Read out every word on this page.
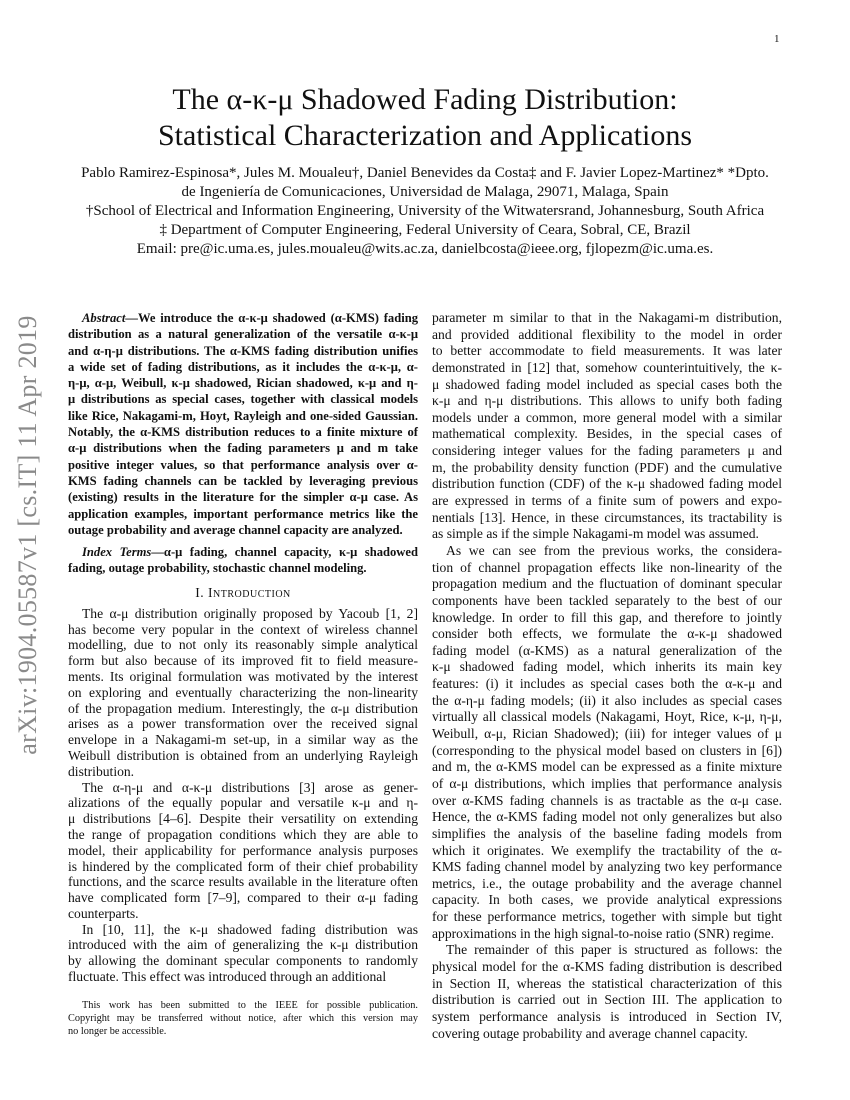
1
arXiv:1904.05587v1 [cs.IT] 11 Apr 2019
The α-κ-μ Shadowed Fading Distribution:
Statistical Characterization and Applications
Pablo Ramirez-Espinosa*, Jules M. Moualeu†, Daniel Benevides da Costa‡ and F. Javier Lopez-Martinez* *Dpto.
de Ingeniería de Comunicaciones, Universidad de Malaga, 29071, Malaga, Spain
†School of Electrical and Information Engineering, University of the Witwatersrand, Johannesburg, South Africa
‡ Department of Computer Engineering, Federal University of Ceara, Sobral, CE, Brazil
Email: pre@ic.uma.es, jules.moualeu@wits.ac.za, danielbcosta@ieee.org, fjlopezm@ic.uma.es.
Abstract—We introduce the α-κ-μ shadowed (α-KMS) fading
distribution as a natural generalization of the versatile α-κ-μ
and α-η-μ distributions. The α-KMS fading distribution unifies
a wide set of fading distributions, as it includes the α-κ-μ, α-
η-μ, α-μ, Weibull, κ-μ shadowed, Rician shadowed, κ-μ and η-
μ distributions as special cases, together with classical models
like Rice, Nakagami-m, Hoyt, Rayleigh and one-sided Gaussian.
Notably, the α-KMS distribution reduces to a finite mixture of
α-μ distributions when the fading parameters μ and m take
positive integer values, so that performance analysis over α-
KMS fading channels can be tackled by leveraging previous
(existing) results in the literature for the simpler α-μ case. As
application examples, important performance metrics like the
outage probability and average channel capacity are analyzed.
Index Terms—α-μ fading, channel capacity, κ-μ shadowed
fading, outage probability, stochastic channel modeling.
I. Introduction
The α-μ distribution originally proposed by Yacoub [1, 2]
has become very popular in the context of wireless channel
modelling, due to not only its reasonably simple analytical
form but also because of its improved fit to field measure-
ments. Its original formulation was motivated by the interest
on exploring and eventually characterizing the non-linearity
of the propagation medium. Interestingly, the α-μ distribution
arises as a power transformation over the received signal
envelope in a Nakagami-m set-up, in a similar way as the
Weibull distribution is obtained from an underlying Rayleigh
distribution.
The α-η-μ and α-κ-μ distributions [3] arose as gener-
alizations of the equally popular and versatile κ-μ and η-
μ distributions [4–6]. Despite their versatility on extending
the range of propagation conditions which they are able to
model, their applicability for performance analysis purposes
is hindered by the complicated form of their chief probability
functions, and the scarce results available in the literature often
have complicated form [7–9], compared to their α-μ fading
counterparts.
In [10, 11], the κ-μ shadowed fading distribution was
introduced with the aim of generalizing the κ-μ distribution
by allowing the dominant specular components to randomly
fluctuate. This effect was introduced through an additional
This work has been submitted to the IEEE for possible publication.
Copyright may be transferred without notice, after which this version may
no longer be accessible.
parameter m similar to that in the Nakagami-m distribution,
and provided additional flexibility to the model in order
to better accommodate to field measurements. It was later
demonstrated in [12] that, somehow counterintuitively, the κ-
μ shadowed fading model included as special cases both the
κ-μ and η-μ distributions. This allows to unify both fading
models under a common, more general model with a similar
mathematical complexity. Besides, in the special cases of
considering integer values for the fading parameters μ and
m, the probability density function (PDF) and the cumulative
distribution function (CDF) of the κ-μ shadowed fading model
are expressed in terms of a finite sum of powers and expo-
nentials [13]. Hence, in these circumstances, its tractability is
as simple as if the simple Nakagami-m model was assumed.
As we can see from the previous works, the considera-
tion of channel propagation effects like non-linearity of the
propagation medium and the fluctuation of dominant specular
components have been tackled separately to the best of our
knowledge. In order to fill this gap, and therefore to jointly
consider both effects, we formulate the α-κ-μ shadowed
fading model (α-KMS) as a natural generalization of the
κ-μ shadowed fading model, which inherits its main key
features: (i) it includes as special cases both the α-κ-μ and
the α-η-μ fading models; (ii) it also includes as special cases
virtually all classical models (Nakagami, Hoyt, Rice, κ-μ, η-μ,
Weibull, α-μ, Rician Shadowed); (iii) for integer values of μ
(corresponding to the physical model based on clusters in [6])
and m, the α-KMS model can be expressed as a finite mixture
of α-μ distributions, which implies that performance analysis
over α-KMS fading channels is as tractable as the α-μ case.
Hence, the α-KMS fading model not only generalizes but also
simplifies the analysis of the baseline fading models from
which it originates. We exemplify the tractability of the α-
KMS fading channel model by analyzing two key performance
metrics, i.e., the outage probability and the average channel
capacity. In both cases, we provide analytical expressions
for these performance metrics, together with simple but tight
approximations in the high signal-to-noise ratio (SNR) regime.
The remainder of this paper is structured as follows: the
physical model for the α-KMS fading distribution is described
in Section II, whereas the statistical characterization of this
distribution is carried out in Section III. The application to
system performance analysis is introduced in Section IV,
covering outage probability and average channel capacity.
